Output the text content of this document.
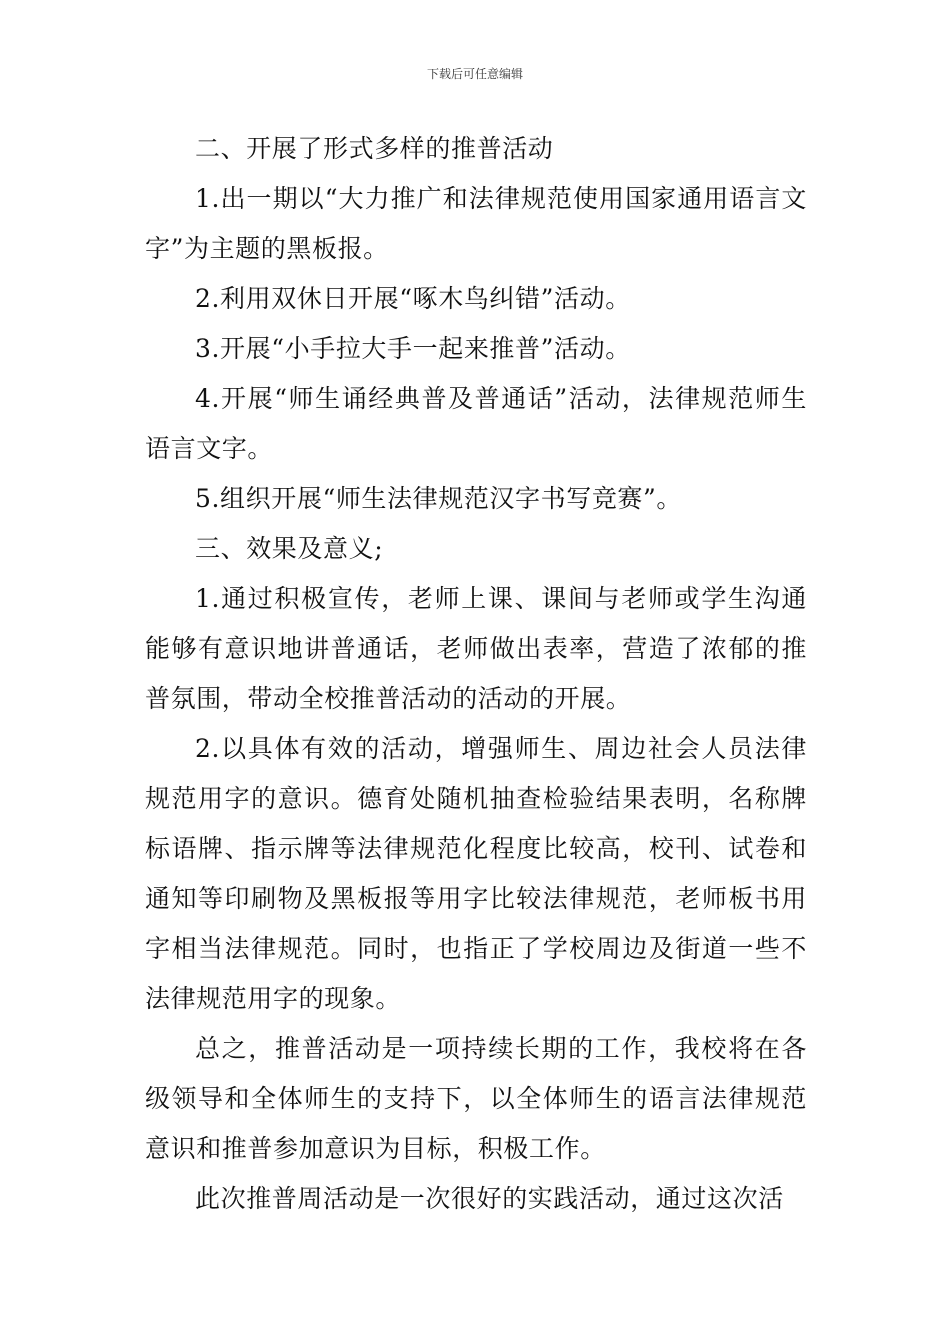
下载后可任意编辑

二、开展了形式多样的推普活动

1.出一期以“大力推广和法律规范使用国家通用语言文字”为主题的黑板报。

2.利用双休日开展“啄木鸟纠错”活动。

3.开展“小手拉大手一起来推普”活动。

4.开展“师生诵经典普及普通话”活动，法律规范师生语言文字。

5.组织开展“师生法律规范汉字书写竞赛”。

三、效果及意义;

1.通过积极宣传，老师上课、课间与老师或学生沟通能够有意识地讲普通话，老师做出表率，营造了浓郁的推普氛围，带动全校推普活动的活动的开展。

2.以具体有效的活动，增强师生、周边社会人员法律规范用字的意识。德育处随机抽查检验结果表明，名称牌标语牌、指示牌等法律规范化程度比较高，校刊、试卷和通知等印刷物及黑板报等用字比较法律规范，老师板书用字相当法律规范。同时，也指正了学校周边及街道一些不法律规范用字的现象。

总之，推普活动是一项持续长期的工作，我校将在各级领导和全体师生的支持下，以全体师生的语言法律规范意识和推普参加意识为目标，积极工作。

此次推普周活动是一次很好的实践活动，通过这次活
